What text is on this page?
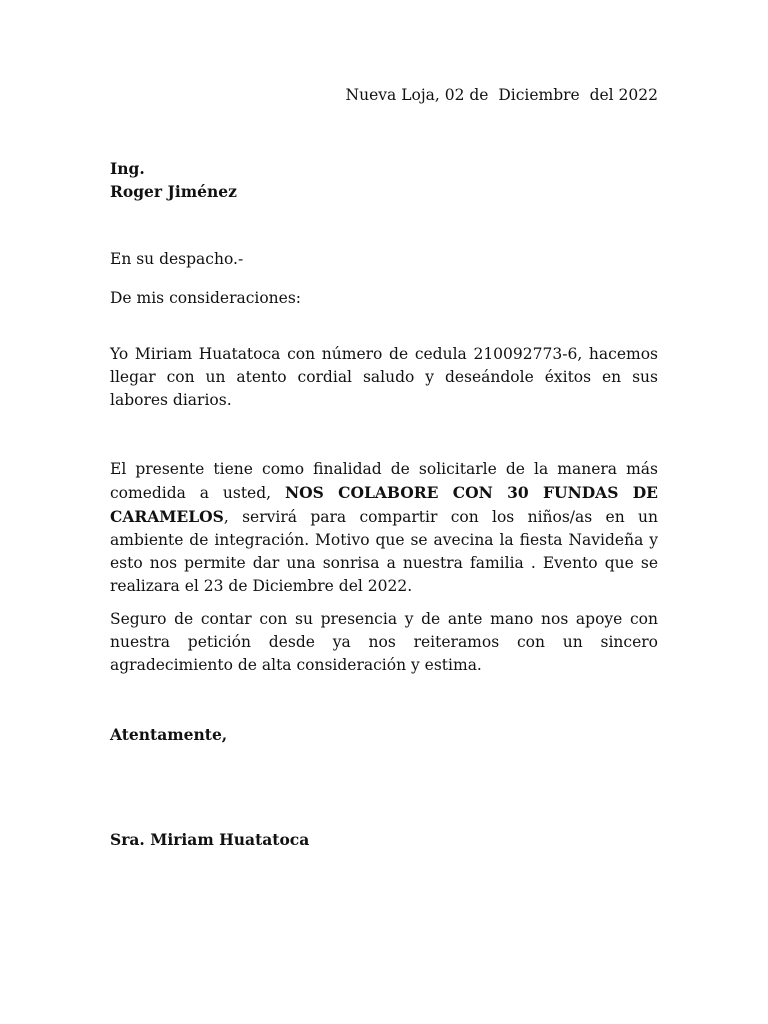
Nueva Loja, 02 de  Diciembre  del 2022
Ing.
Roger Jiménez
En su despacho.-
De mis consideraciones:
Yo Miriam Huatatoca con número de cedula 210092773-6, hacemos llegar con un atento cordial saludo y deseándole éxitos en sus labores diarios.
El presente tiene como finalidad de solicitarle de la manera más comedida a usted, NOS COLABORE CON 30 FUNDAS DE CARAMELOS, servirá para compartir con los niños/as en un ambiente de integración. Motivo que se avecina la fiesta Navideña y esto nos permite dar una sonrisa a nuestra familia . Evento que se realizara el 23 de Diciembre del 2022.
Seguro de contar con su presencia y de ante mano nos apoye con nuestra petición desde ya nos reiteramos con un sincero agradecimiento de alta consideración y estima.
Atentamente,
Sra. Miriam Huatatoca
